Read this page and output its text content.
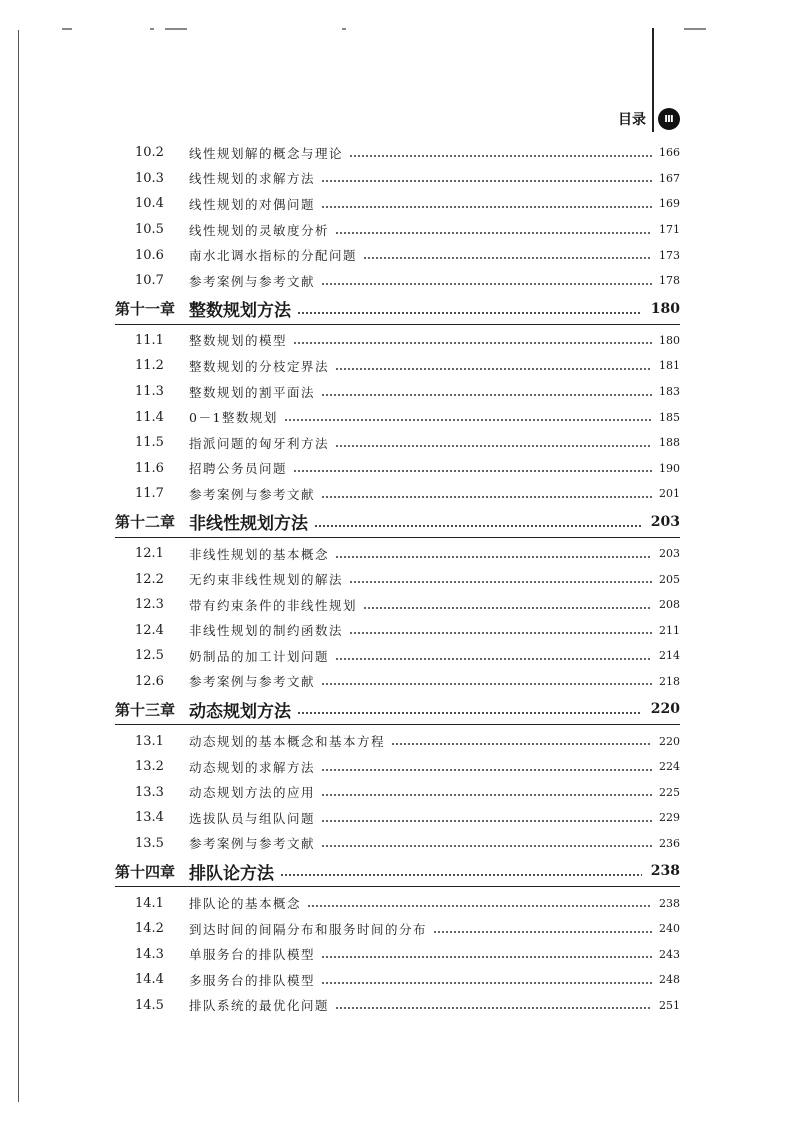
目录	Ⅲ
10.2	线性规划解的概念与理论	166
10.3	线性规划的求解方法	167
10.4	线性规划的对偶问题	169
10.5	线性规划的灵敏度分析	171
10.6	南水北调水指标的分配问题	173
10.7	参考案例与参考文献	178
第十一章 整数规划方法	180
11.1	整数规划的模型	180
11.2	整数规划的分枝定界法	181
11.3	整数规划的割平面法	183
11.4	0－1整数规划	185
11.5	指派问题的匈牙利方法	188
11.6	招聘公务员问题	190
11.7	参考案例与参考文献	201
第十二章 非线性规划方法	203
12.1	非线性规划的基本概念	203
12.2	无约束非线性规划的解法	205
12.3	带有约束条件的非线性规划	208
12.4	非线性规划的制约函数法	211
12.5	奶制品的加工计划问题	214
12.6	参考案例与参考文献	218
第十三章 动态规划方法	220
13.1	动态规划的基本概念和基本方程	220
13.2	动态规划的求解方法	224
13.3	动态规划方法的应用	225
13.4	选拔队员与组队问题	229
13.5	参考案例与参考文献	236
第十四章 排队论方法	238
14.1	排队论的基本概念	238
14.2	到达时间的间隔分布和服务时间的分布	240
14.3	单服务台的排队模型	243
14.4	多服务台的排队模型	248
14.5	排队系统的最优化问题	251
